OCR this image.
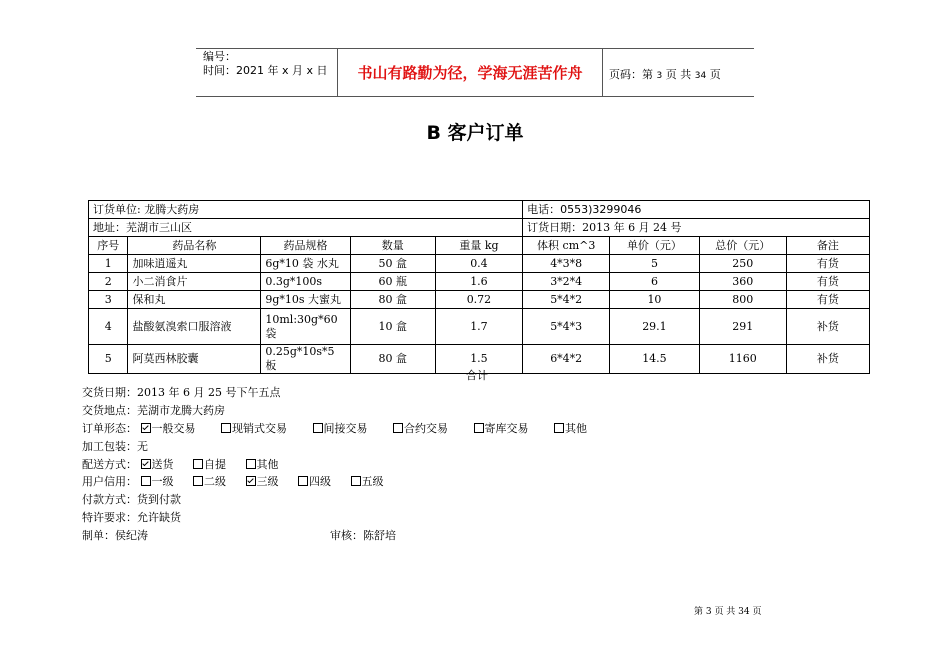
编号：
时间：2021 年 x 月 x 日	书山有路勤为径，学海无涯苦作舟	页码：第 3 页 共 34 页
B 客户订单
订货单位: 龙腾大药房					电话：0553)3299046			
地址：芜湖市三山区					订货日期：2013 年 6 月 24 号			
序号	药品名称	药品规格	数量	重量 kg	体积 cm^3	单价（元）	总价（元）	备注
1	加味逍遥丸	6g*10 袋 水丸	50 盒	0.4	4*3*8	5	250	有货
2	小二消食片	0.3g*100s	60 瓶	1.6	3*2*4	6	360	有货
3	保和丸	9g*10s 大蜜丸	80 盒	0.72	5*4*2	10	800	有货
4	盐酸氨溴索口服溶液	10ml:30g*60 袋	10 盒	1.7	5*4*3	29.1	291	补货
5	阿莫西林胶囊	0.25g*10s*5 板	80 盒	1.5	6*4*2	14.5	1160	补货
合计
交货日期：2013 年 6 月 25 号下午五点
交货地点：芜湖市龙腾大药房
订单形态： 一般交易	现销式交易	间接交易	合约交易	寄库交易	其他
加工包装：无
配送方式： 送货	自提	其他
用户信用： 一级	二级	三级	四级	五级
付款方式：货到付款
特许要求：允许缺货
制单：侯纪涛	审核：陈舒培
第 3 页 共 34 页
